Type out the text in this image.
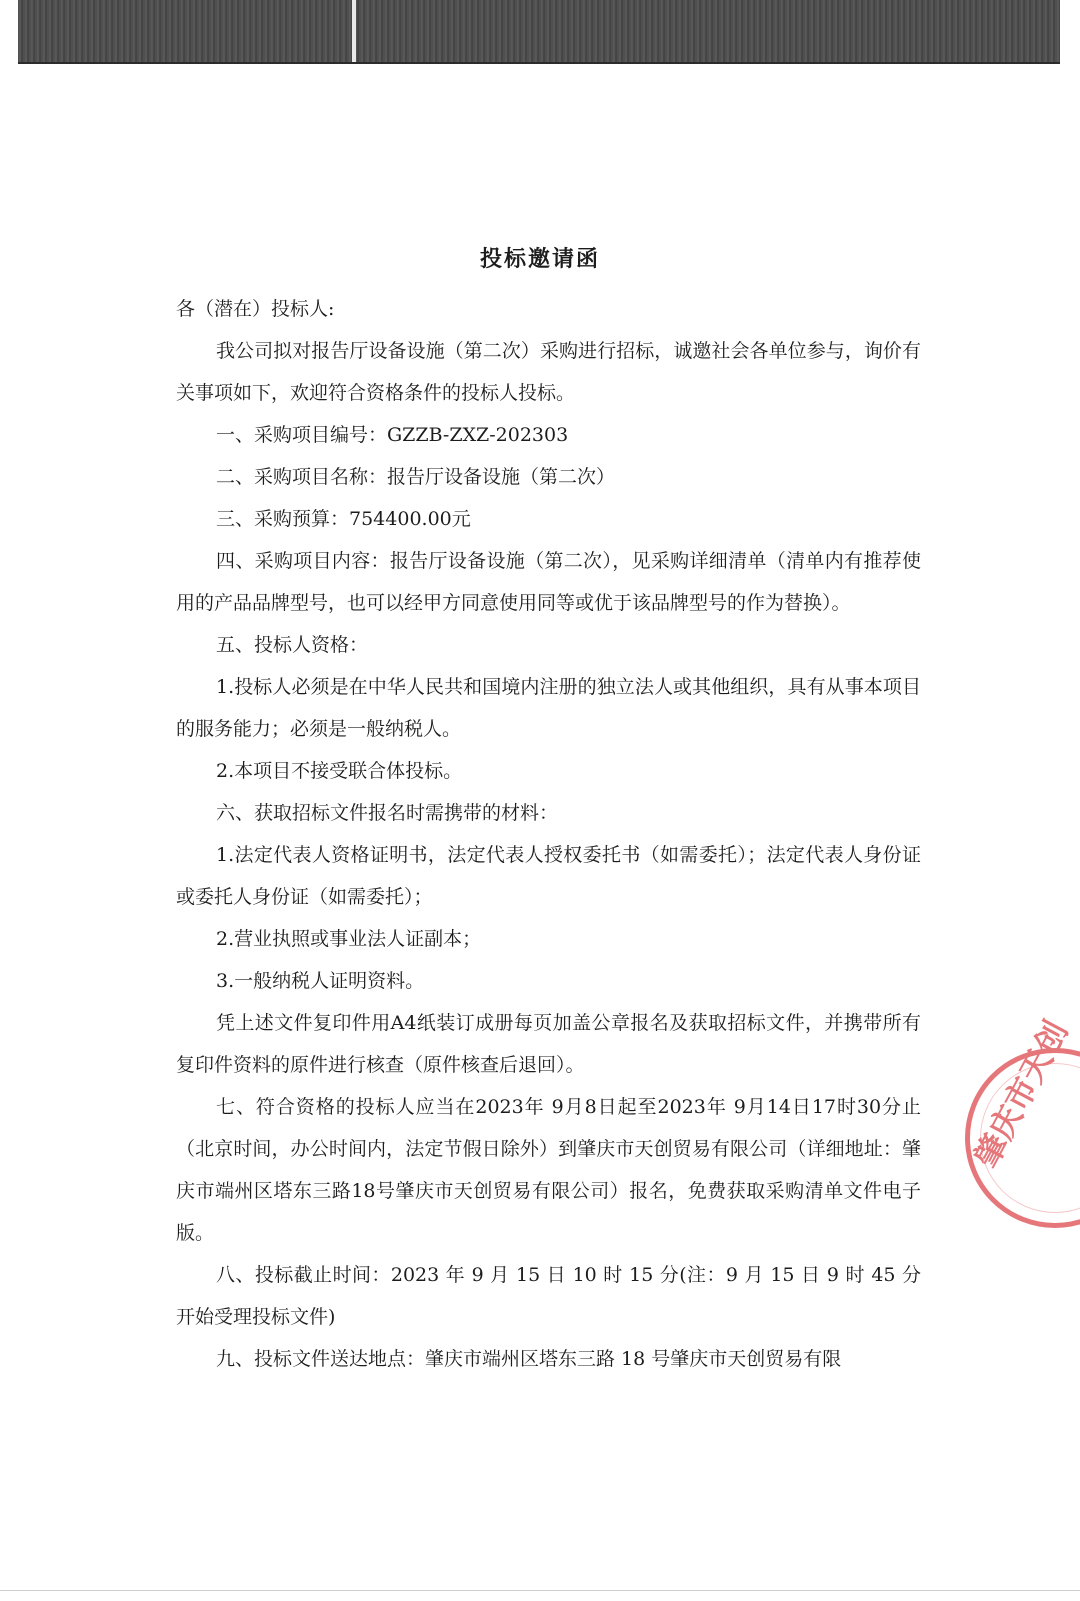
投标邀请函

各（潜在）投标人:

我公司拟对报告厅设备设施（第二次）采购进行招标，诚邀社会各单位参与，询价有关事项如下，欢迎符合资格条件的投标人投标。

一、采购项目编号：GZZB-ZXZ-202303

二、采购项目名称：报告厅设备设施（第二次）

三、采购预算：754400.00元

四、采购项目内容：报告厅设备设施（第二次），见采购详细清单（清单内有推荐使用的产品品牌型号，也可以经甲方同意使用同等或优于该品牌型号的作为替换）。

五、投标人资格：

1.投标人必须是在中华人民共和国境内注册的独立法人或其他组织，具有从事本项目的服务能力；必须是一般纳税人。

2.本项目不接受联合体投标。

六、获取招标文件报名时需携带的材料：

1.法定代表人资格证明书，法定代表人授权委托书（如需委托）；法定代表人身份证或委托人身份证（如需委托）；

2.营业执照或事业法人证副本；

3.一般纳税人证明资料。

凭上述文件复印件用A4纸装订成册每页加盖公章报名及获取招标文件，并携带所有复印件资料的原件进行核查（原件核查后退回）。

七、符合资格的投标人应当在2023年 9月8日起至2023年 9月14日17时30分止（北京时间，办公时间内，法定节假日除外）到肇庆市天创贸易有限公司（详细地址：肇庆市端州区塔东三路18号肇庆市天创贸易有限公司）报名，免费获取采购清单文件电子版。

八、投标截止时间：2023 年 9 月 15 日 10 时 15 分(注：9 月 15 日 9 时 45 分开始受理投标文件)

九、投标文件送达地点：肇庆市端州区塔东三路 18 号肇庆市天创贸易有限

肇庆市天创
